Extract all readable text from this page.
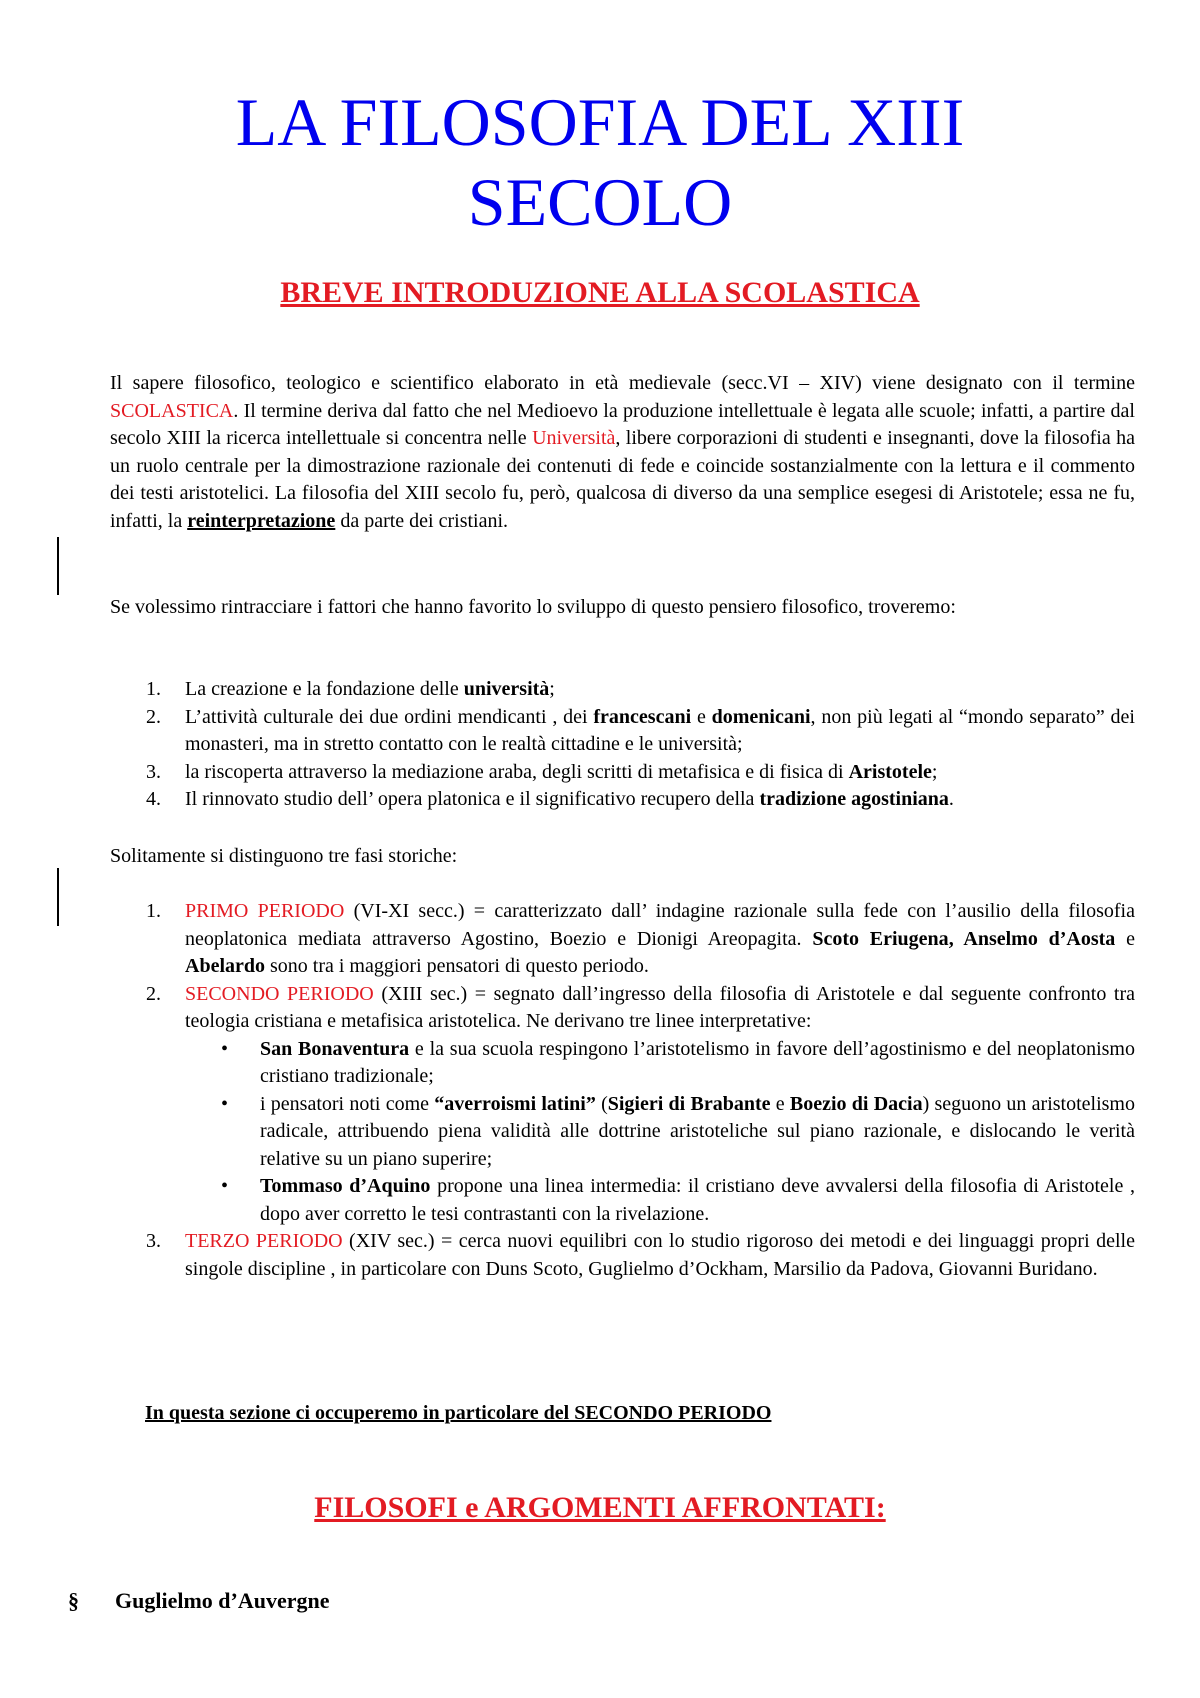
LA FILOSOFIA DEL XIII
SECOLO
BREVE INTRODUZIONE ALLA SCOLASTICA
Il sapere filosofico, teologico e scientifico elaborato in età medievale (secc.VI – XIV) viene designato con il termine SCOLASTICA. Il termine deriva dal fatto che nel Medioevo la produzione intellettuale è legata alle scuole; infatti, a partire dal secolo XIII la ricerca intellettuale si concentra nelle Università, libere corporazioni di studenti e insegnanti, dove la filosofia ha un ruolo centrale per la dimostrazione razionale dei contenuti di fede e coincide sostanzialmente con la lettura e il commento dei testi aristotelici. La filosofia del XIII secolo fu, però, qualcosa di diverso da una semplice esegesi di Aristotele; essa ne fu, infatti, la reinterpretazione da parte dei cristiani.
Se volessimo rintracciare i fattori che hanno favorito lo sviluppo di questo pensiero filosofico, troveremo:
1. La creazione e la fondazione delle università;
2. L’attività culturale dei due ordini mendicanti , dei francescani e domenicani, non più legati al “mondo separato” dei monasteri, ma in stretto contatto con le realtà cittadine e le università;
3. la riscoperta attraverso la mediazione araba, degli scritti di metafisica e di fisica di Aristotele;
4. Il rinnovato studio dell’ opera platonica e il significativo recupero della tradizione agostiniana.
Solitamente si distinguono tre fasi storiche:
1. PRIMO PERIODO (VI-XI secc.) = caratterizzato dall’ indagine razionale sulla fede con l’ausilio della filosofia neoplatonica mediata attraverso Agostino, Boezio e Dionigi Areopagita. Scoto Eriugena, Anselmo d’Aosta e Abelardo sono tra i maggiori pensatori di questo periodo.
2. SECONDO PERIODO (XIII sec.) = segnato dall’ingresso della filosofia di Aristotele e dal seguente confronto tra teologia cristiana e metafisica aristotelica. Ne derivano tre linee interpretative:
• San Bonaventura e la sua scuola respingono l’aristotelismo in favore dell’agostinismo e del neoplatonismo cristiano tradizionale;
• i pensatori noti come “averroismi latini” (Sigieri di Brabante e Boezio di Dacia) seguono un aristotelismo radicale, attribuendo piena validità alle dottrine aristoteliche sul piano razionale, e dislocando le verità relative su un piano superire;
• Tommaso d’Aquino propone una linea intermedia: il cristiano deve avvalersi della filosofia di Aristotele , dopo aver corretto le tesi contrastanti con la rivelazione.
3. TERZO PERIODO (XIV sec.) = cerca nuovi equilibri con lo studio rigoroso dei metodi e dei linguaggi propri delle singole discipline , in particolare con Duns Scoto, Guglielmo d’Ockham, Marsilio da Padova, Giovanni Buridano.
In questa sezione ci occuperemo in particolare del SECONDO PERIODO
FILOSOFI e ARGOMENTI AFFRONTATI:
§ Guglielmo d’Auvergne
